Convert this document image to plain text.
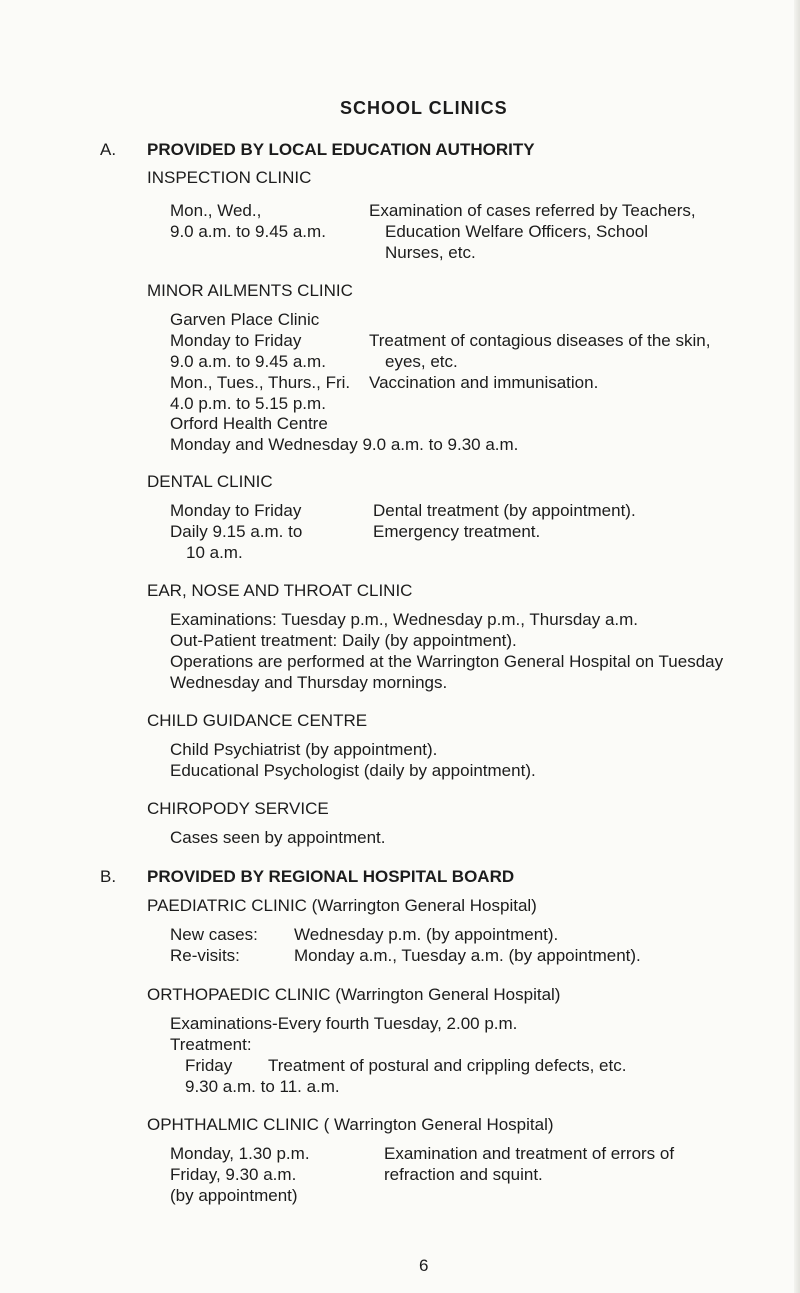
SCHOOL CLINICS
A. PROVIDED BY LOCAL EDUCATION AUTHORITY
INSPECTION CLINIC
Mon., Wed.,
9.0 a.m. to 9.45 a.m.
Examination of cases referred by Teachers,
Education Welfare Officers, School
Nurses, etc.
MINOR AILMENTS CLINIC
Garven Place Clinic
Monday to Friday
9.0 a.m. to 9.45 a.m.
Mon., Tues., Thurs., Fri.
4.0 p.m. to 5.15 p.m.
Treatment of contagious diseases of the skin,
eyes, etc.
Vaccination and immunisation.
Orford Health Centre
Monday and Wednesday 9.0 a.m. to 9.30 a.m.
DENTAL CLINIC
Monday to Friday
Daily 9.15 a.m. to
10 a.m.
Dental treatment (by appointment).
Emergency treatment.
EAR, NOSE AND THROAT CLINIC
Examinations: Tuesday p.m., Wednesday p.m., Thursday a.m.
Out-Patient treatment: Daily (by appointment).
Operations are performed at the Warrington General Hospital on Tuesday
Wednesday and Thursday mornings.
CHILD GUIDANCE CENTRE
Child Psychiatrist (by appointment).
Educational Psychologist (daily by appointment).
CHIROPODY SERVICE
Cases seen by appointment.
B. PROVIDED BY REGIONAL HOSPITAL BOARD
PAEDIATRIC CLINIC (Warrington General Hospital)
New cases: Wednesday p.m. (by appointment).
Re-visits:	Monday a.m., Tuesday a.m. (by appointment).
ORTHOPAEDIC CLINIC (Warrington General Hospital)
Examinations-Every fourth Tuesday, 2.00 p.m.
Treatment:
Friday Treatment of postural and crippling defects, etc.
9.30 a.m. to 11. a.m.
OPHTHALMIC CLINIC ( Warrington General Hospital)
Monday, 1.30 p.m.
Friday, 9.30 a.m.
(by appointment)
Examination and treatment of errors of
refraction and squint.
6
